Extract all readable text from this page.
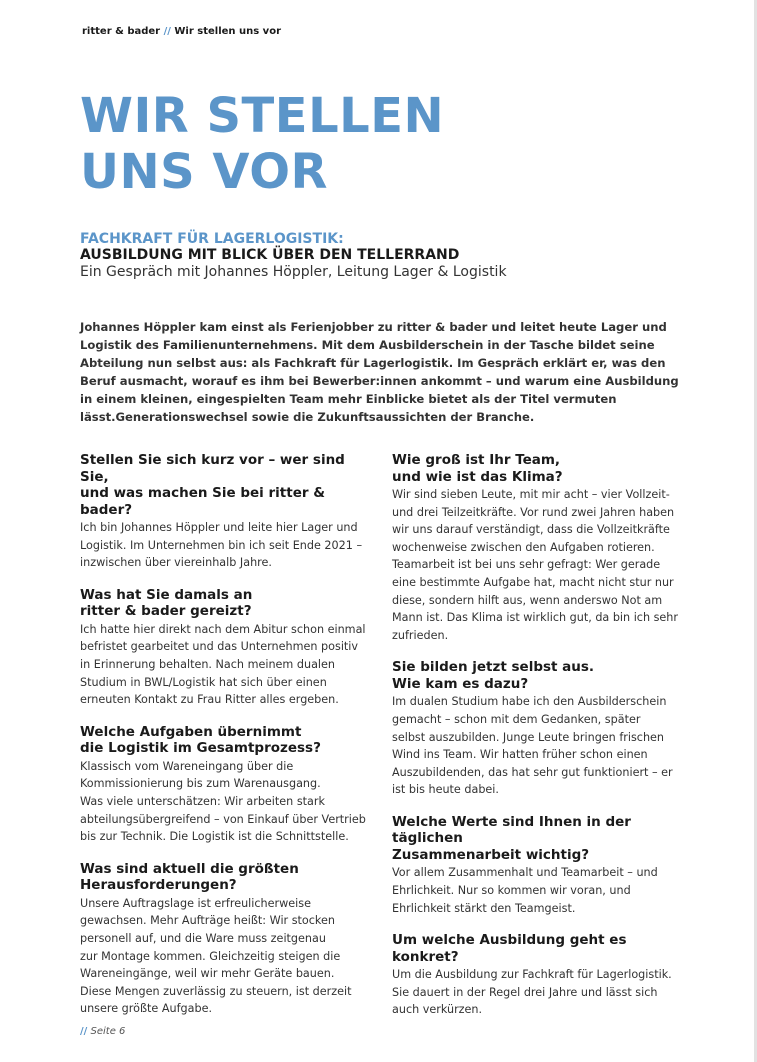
ritter & bader // Wir stellen uns vor
WIR STELLEN
UNS VOR
FACHKRAFT FÜR LAGERLOGISTIK:
AUSBILDUNG MIT BLICK ÜBER DEN TELLERRAND
Ein Gespräch mit Johannes Höppler, Leitung Lager & Logistik

Johannes Höppler kam einst als Ferienjobber zu ritter & bader und leitet heute Lager und Logistik des Familienunternehmens. Mit dem Ausbilderschein in der Tasche bildet seine Abteilung nun selbst aus: als Fachkraft für Lagerlogistik. Im Gespräch erklärt er, was den Beruf ausmacht, worauf es ihm bei Bewerber:innen ankommt – und warum eine Ausbildung in einem kleinen, eingespielten Team mehr Einblicke bietet als der Titel vermuten lässt.Generationswechsel sowie die Zukunftsaussichten der Branche.

Stellen Sie sich kurz vor – wer sind Sie,
und was machen Sie bei ritter & bader?

Ich bin Johannes Höppler und leite hier Lager und
Logistik. Im Unternehmen bin ich seit Ende 2021 –
inzwischen über viereinhalb Jahre.

Was hat Sie damals an
ritter & bader gereizt?

Ich hatte hier direkt nach dem Abitur schon einmal
befristet gearbeitet und das Unternehmen positiv
in Erinnerung behalten. Nach meinem dualen
Studium in BWL/Logistik hat sich über einen
erneuten Kontakt zu Frau Ritter alles ergeben.

Welche Aufgaben übernimmt
die Logistik im Gesamtprozess?

Klassisch vom Wareneingang über die
Kommissionierung bis zum Warenausgang.
Was viele unterschätzen: Wir arbeiten stark
abteilungsübergreifend – von Einkauf über Vertrieb
bis zur Technik. Die Logistik ist die Schnittstelle.

Was sind aktuell die größten
Herausforderungen?

Unsere Auftragslage ist erfreulicherweise
gewachsen. Mehr Aufträge heißt: Wir stocken
personell auf, und die Ware muss zeitgenau
zur Montage kommen. Gleichzeitig steigen die
Wareneingänge, weil wir mehr Geräte bauen.
Diese Mengen zuverlässig zu steuern, ist derzeit
unsere größte Aufgabe.

Wie groß ist Ihr Team,
und wie ist das Klima?

Wir sind sieben Leute, mit mir acht – vier Vollzeit-
und drei Teilzeitkräfte. Vor rund zwei Jahren haben
wir uns darauf verständigt, dass die Vollzeitkräfte
wochenweise zwischen den Aufgaben rotieren.
Teamarbeit ist bei uns sehr gefragt: Wer gerade
eine bestimmte Aufgabe hat, macht nicht stur nur
diese, sondern hilft aus, wenn anderswo Not am
Mann ist. Das Klima ist wirklich gut, da bin ich sehr
zufrieden.

Sie bilden jetzt selbst aus.
Wie kam es dazu?

Im dualen Studium habe ich den Ausbilderschein
gemacht – schon mit dem Gedanken, später
selbst auszubilden. Junge Leute bringen frischen
Wind ins Team. Wir hatten früher schon einen
Auszubildenden, das hat sehr gut funktioniert – er
ist bis heute dabei.

Welche Werte sind Ihnen in der täglichen
Zusammenarbeit wichtig?

Vor allem Zusammenhalt und Teamarbeit – und
Ehrlichkeit. Nur so kommen wir voran, und
Ehrlichkeit stärkt den Teamgeist.

Um welche Ausbildung geht es konkret?

Um die Ausbildung zur Fachkraft für Lagerlogistik.
Sie dauert in der Regel drei Jahre und lässt sich
auch verkürzen.

// Seite 6
